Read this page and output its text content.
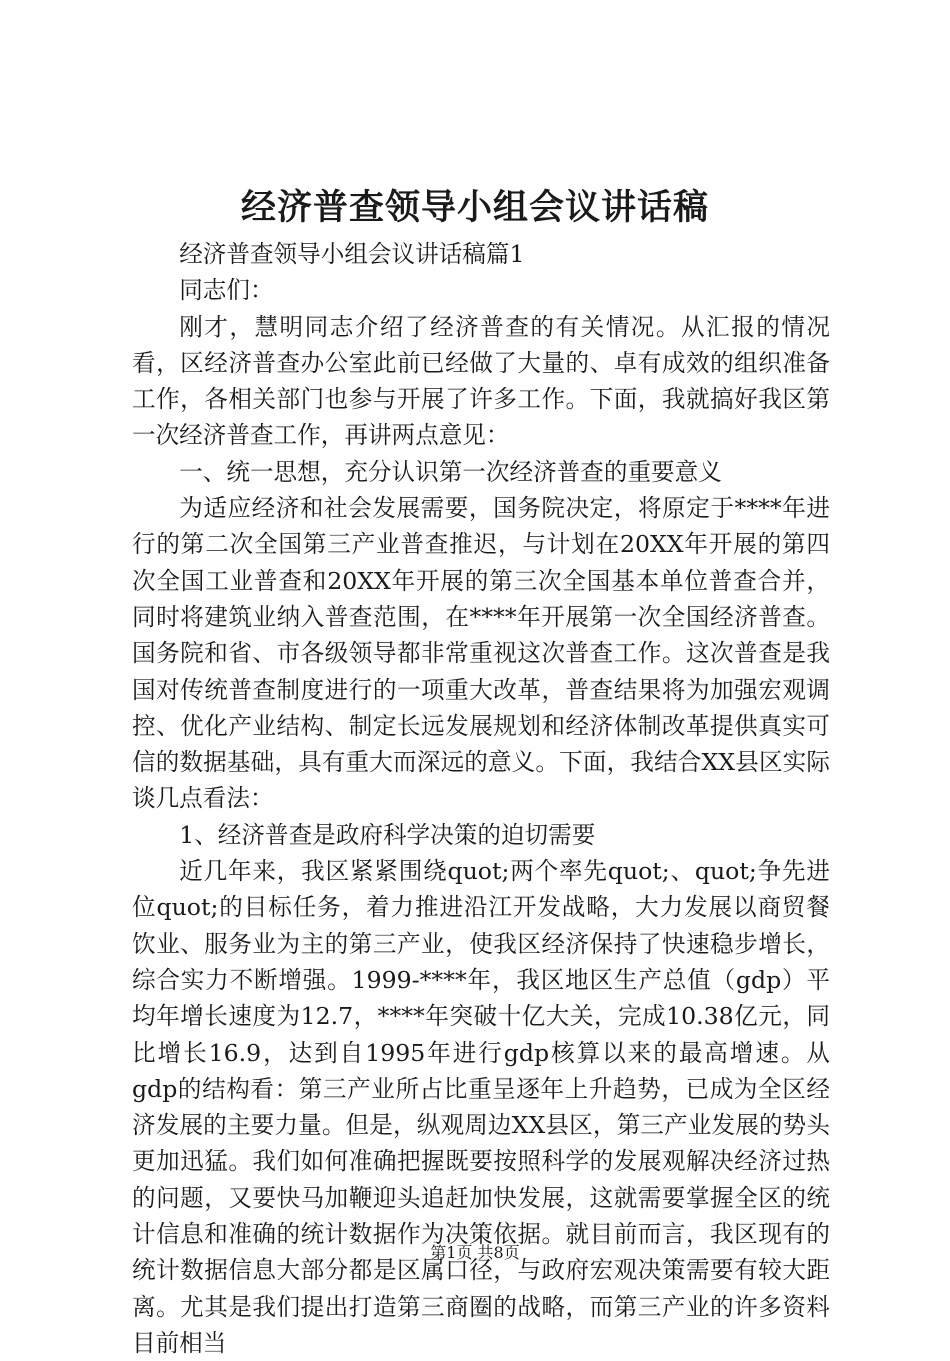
经济普查领导小组会议讲话稿

经济普查领导小组会议讲话稿篇1

同志们：

刚才，慧明同志介绍了经济普查的有关情况。从汇报的情况看，区经济普查办公室此前已经做了大量的、卓有成效的组织准备工作，各相关部门也参与开展了许多工作。下面，我就搞好我区第一次经济普查工作，再讲两点意见：

一、统一思想，充分认识第一次经济普查的重要意义

为适应经济和社会发展需要，国务院决定，将原定于****年进行的第二次全国第三产业普查推迟，与计划在20XX年开展的第四次全国工业普查和20XX年开展的第三次全国基本单位普查合并，同时将建筑业纳入普查范围，在****年开展第一次全国经济普查。国务院和省、市各级领导都非常重视这次普查工作。这次普查是我国对传统普查制度进行的一项重大改革，普查结果将为加强宏观调控、优化产业结构、制定长远发展规划和经济体制改革提供真实可信的数据基础，具有重大而深远的意义。下面，我结合XX县区实际谈几点看法：

1、经济普查是政府科学决策的迫切需要

近几年来，我区紧紧围绕quot;两个率先quot;、quot;争先进位quot;的目标任务，着力推进沿江开发战略，大力发展以商贸餐饮业、服务业为主的第三产业，使我区经济保持了快速稳步增长，综合实力不断增强。1999-****年，我区地区生产总值（gdp）平均年增长速度为12.7，****年突破十亿大关，完成10.38亿元，同比增长16.9，达到自1995年进行gdp核算以来的最高增速。从gdp的结构看：第三产业所占比重呈逐年上升趋势，已成为全区经济发展的主要力量。但是，纵观周边XX县区，第三产业发展的势头更加迅猛。我们如何准确把握既要按照科学的发展观解决经济过热的问题，又要快马加鞭迎头追赶加快发展，这就需要掌握全区的统计信息和准确的统计数据作为决策依据。就目前而言，我区现有的统计数据信息大部分都是区属口径，与政府宏观决策需要有较大距离。尤其是我们提出打造第三商圈的战略，而第三产业的许多资料目前相当

第1页 共8页
